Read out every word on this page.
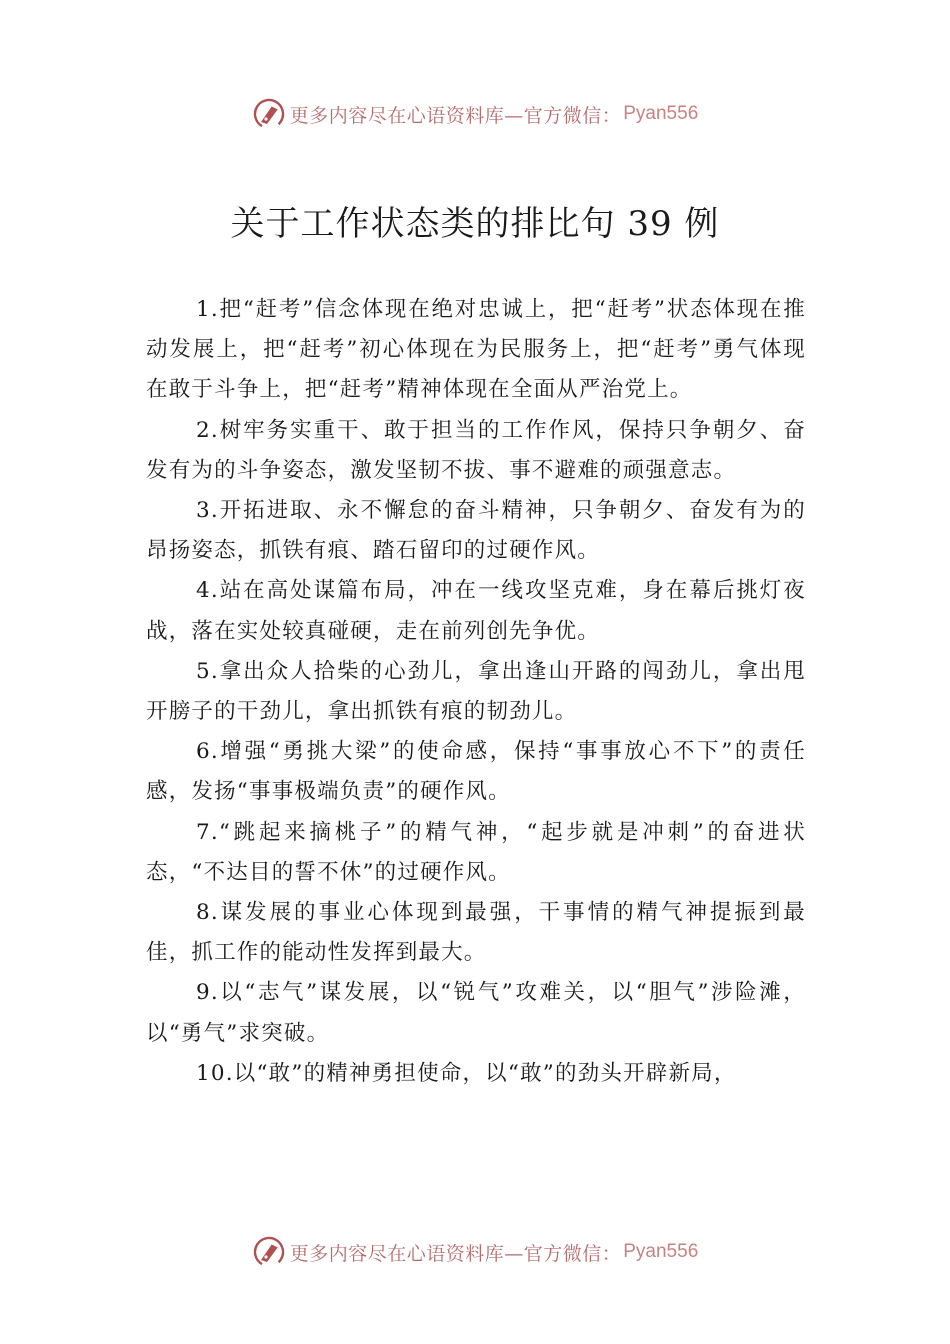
更多内容尽在心语资料库—官方微信： Pyan556
关于工作状态类的排比句 39 例

1.把“赶考”信念体现在绝对忠诚上，把“赶考”状态体现在推动发展上，把“赶考”初心体现在为民服务上，把“赶考”勇气体现在敢于斗争上，把“赶考”精神体现在全面从严治党上。

2.树牢务实重干、敢于担当的工作作风，保持只争朝夕、奋发有为的斗争姿态，激发坚韧不拔、事不避难的顽强意志。

3.开拓进取、永不懈怠的奋斗精神，只争朝夕、奋发有为的昂扬姿态，抓铁有痕、踏石留印的过硬作风。

4.站在高处谋篇布局，冲在一线攻坚克难，身在幕后挑灯夜战，落在实处较真碰硬，走在前列创先争优。

5.拿出众人拾柴的心劲儿，拿出逢山开路的闯劲儿，拿出甩开膀子的干劲儿，拿出抓铁有痕的韧劲儿。

6.增强“勇挑大梁”的使命感，保持“事事放心不下”的责任感，发扬“事事极端负责”的硬作风。

7.“跳起来摘桃子”的精气神，“起步就是冲刺”的奋进状态，“不达目的誓不休”的过硬作风。

8.谋发展的事业心体现到最强，干事情的精气神提振到最佳，抓工作的能动性发挥到最大。

9.以“志气”谋发展，以“锐气”攻难关，以“胆气”涉险滩，以“勇气”求突破。

10.以“敢”的精神勇担使命，以“敢”的劲头开辟新局，

更多内容尽在心语资料库—官方微信： Pyan556
